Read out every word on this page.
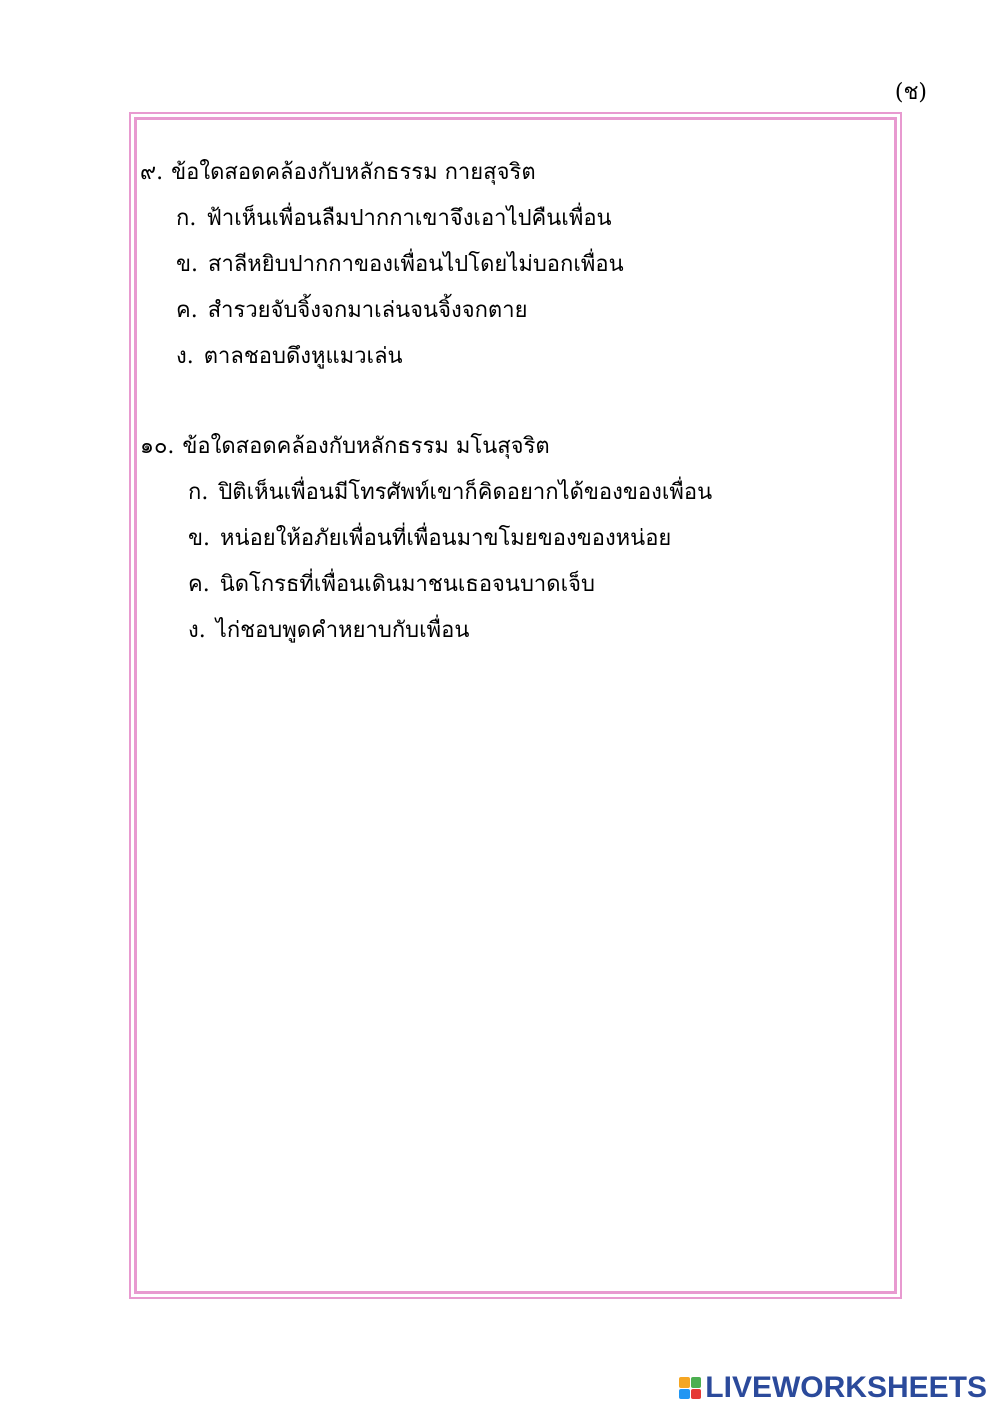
(ช)
๙. ข้อใดสอดคล้องกับหลักธรรม กายสุจริต
ก. ฟ้าเห็นเพื่อนลืมปากกาเขาจึงเอาไปคืนเพื่อน
ข. สาลีหยิบปากกาของเพื่อนไปโดยไม่บอกเพื่อน
ค. สำรวยจับจิ้งจกมาเล่นจนจิ้งจกตาย
ง. ตาลชอบดึงหูแมวเล่น
๑๐. ข้อใดสอดคล้องกับหลักธรรม มโนสุจริต
ก. ปิติเห็นเพื่อนมีโทรศัพท์เขาก็คิดอยากได้ของของเพื่อน
ข. หน่อยให้อภัยเพื่อนที่เพื่อนมาขโมยของของหน่อย
ค. นิดโกรธที่เพื่อนเดินมาชนเธอจนบาดเจ็บ
ง. ไก่ชอบพูดคำหยาบกับเพื่อน
LIVEWORKSHEETS
